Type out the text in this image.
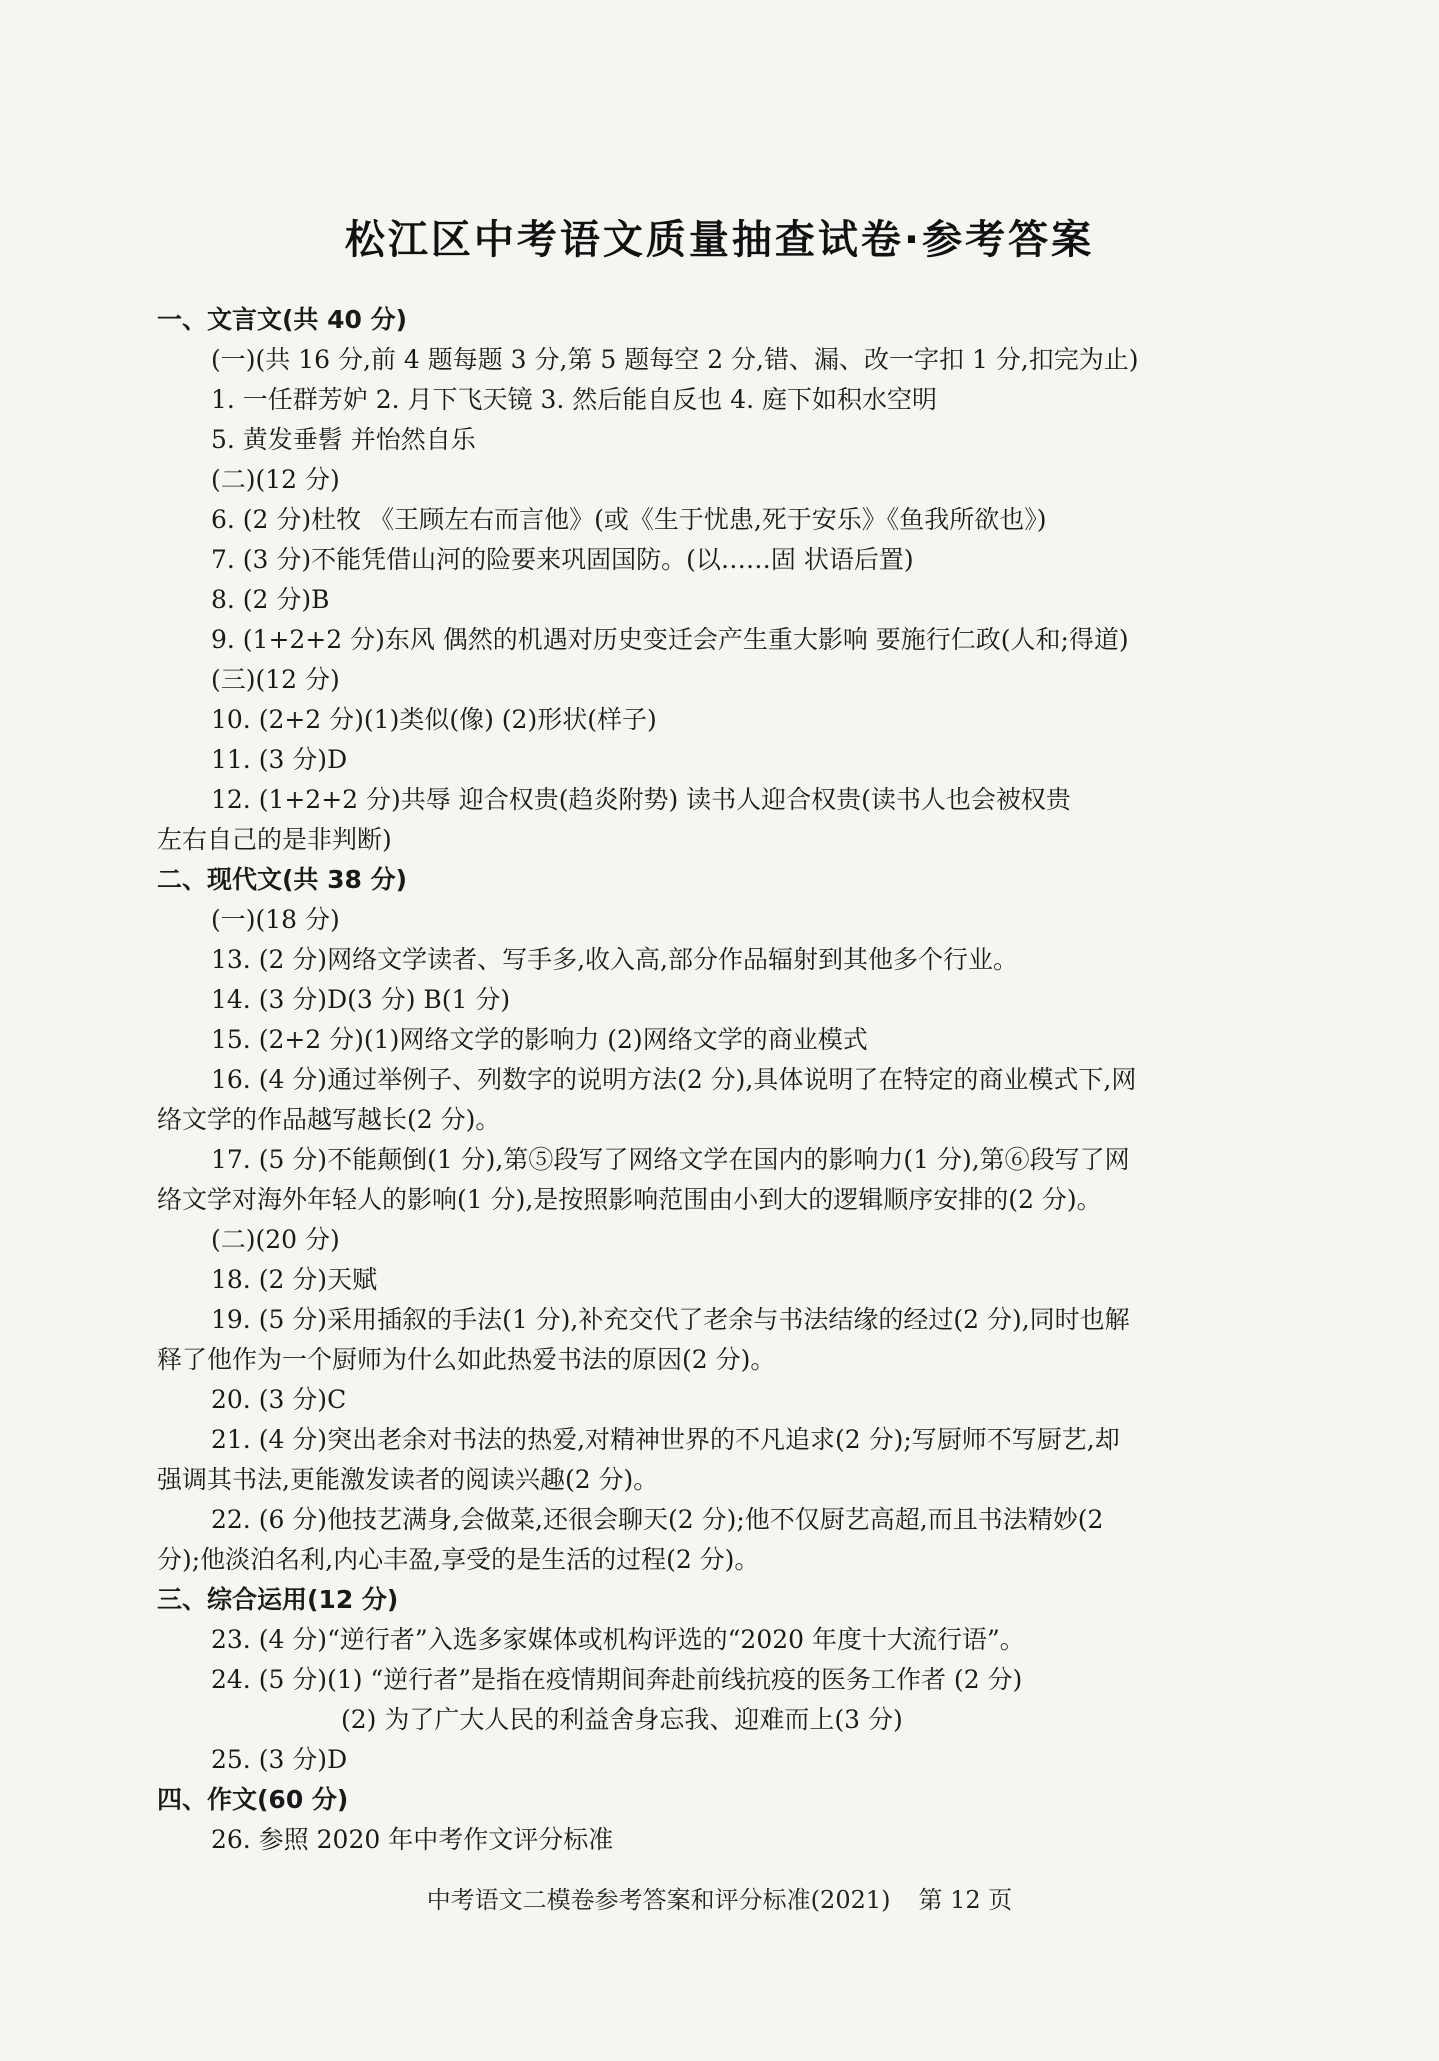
松江区中考语文质量抽查试卷·参考答案
一、文言文(共 40 分)
(一)(共 16 分,前 4 题每题 3 分,第 5 题每空 2 分,错、漏、改一字扣 1 分,扣完为止)
1. 一任群芳妒 2. 月下飞天镜 3. 然后能自反也 4. 庭下如积水空明
5. 黄发垂髫 并怡然自乐
(二)(12 分)
6. (2 分)杜牧 《王顾左右而言他》(或《生于忧患,死于安乐》《鱼我所欲也》)
7. (3 分)不能凭借山河的险要来巩固国防。(以……固 状语后置)
8. (2 分)B
9. (1+2+2 分)东风 偶然的机遇对历史变迁会产生重大影响 要施行仁政(人和;得道)
(三)(12 分)
10. (2+2 分)(1)类似(像) (2)形状(样子)
11. (3 分)D
12. (1+2+2 分)共辱 迎合权贵(趋炎附势) 读书人迎合权贵(读书人也会被权贵
左右自己的是非判断)
二、现代文(共 38 分)
(一)(18 分)
13. (2 分)网络文学读者、写手多,收入高,部分作品辐射到其他多个行业。
14. (3 分)D(3 分) B(1 分)
15. (2+2 分)(1)网络文学的影响力 (2)网络文学的商业模式
16. (4 分)通过举例子、列数字的说明方法(2 分),具体说明了在特定的商业模式下,网
络文学的作品越写越长(2 分)。
17. (5 分)不能颠倒(1 分),第⑤段写了网络文学在国内的影响力(1 分),第⑥段写了网
络文学对海外年轻人的影响(1 分),是按照影响范围由小到大的逻辑顺序安排的(2 分)。
(二)(20 分)
18. (2 分)天赋
19. (5 分)采用插叙的手法(1 分),补充交代了老余与书法结缘的经过(2 分),同时也解
释了他作为一个厨师为什么如此热爱书法的原因(2 分)。
20. (3 分)C
21. (4 分)突出老余对书法的热爱,对精神世界的不凡追求(2 分);写厨师不写厨艺,却
强调其书法,更能激发读者的阅读兴趣(2 分)。
22. (6 分)他技艺满身,会做菜,还很会聊天(2 分);他不仅厨艺高超,而且书法精妙(2
分);他淡泊名利,内心丰盈,享受的是生活的过程(2 分)。
三、综合运用(12 分)
23. (4 分)“逆行者”入选多家媒体或机构评选的“2020 年度十大流行语”。
24. (5 分)(1) “逆行者”是指在疫情期间奔赴前线抗疫的医务工作者 (2 分)
(2) 为了广大人民的利益舍身忘我、迎难而上(3 分)
25. (3 分)D
四、作文(60 分)
26. 参照 2020 年中考作文评分标准
中考语文二模卷参考答案和评分标准(2021) 第 12 页
